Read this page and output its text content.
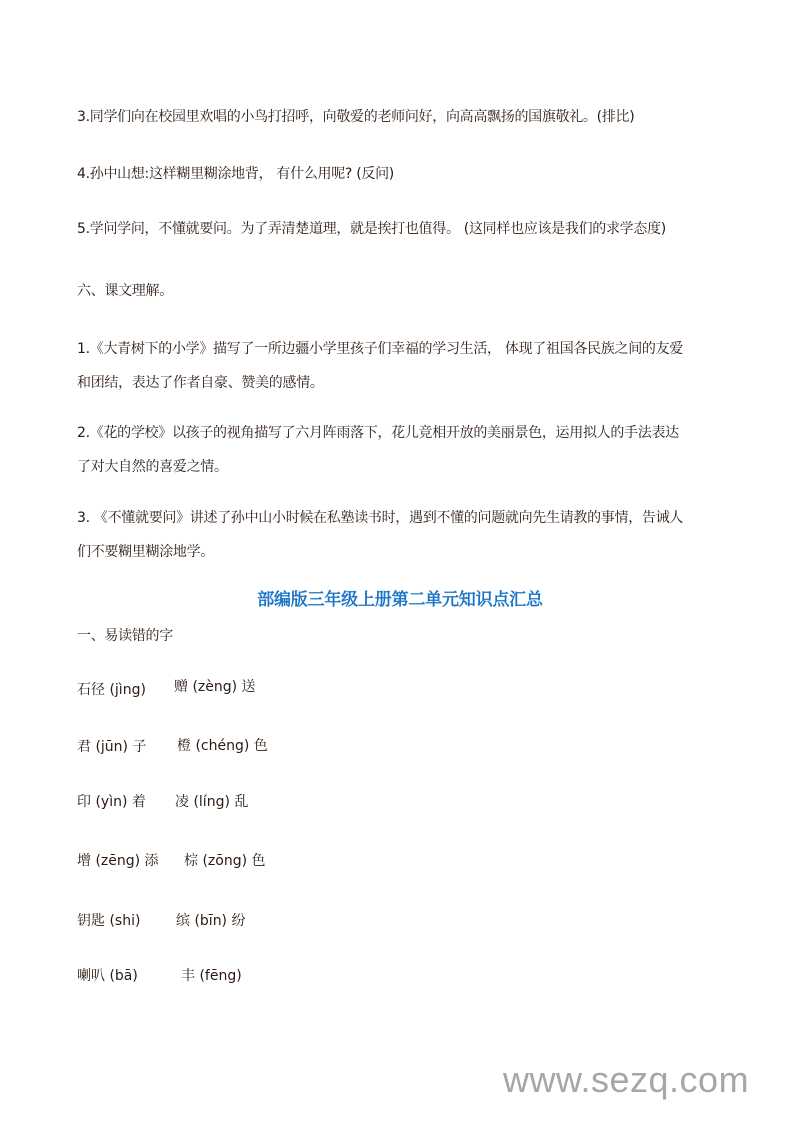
3.同学们向在校园里欢唱的小鸟打招呼，向敬爱的老师问好，向高高飘扬的国旗敬礼。(排比)
4.孙中山想:这样糊里糊涂地背， 有什么用呢? (反问)
5.学问学问，不懂就要问。为了弄清楚道理，就是挨打也值得。 (这同样也应该是我们的求学态度)
六、课文理解。
1.《大青树下的小学》描写了一所边疆小学里孩子们幸福的学习生活， 体现了祖国各民族之间的友爱
和团结，表达了作者自豪、赞美的感情。
2.《花的学校》以孩子的视角描写了六月阵雨落下，花儿竞相开放的美丽景色，运用拟人的手法表达
了对大自然的喜爱之情。
3. 《不懂就要问》讲述了孙中山小时候在私塾读书时，遇到不懂的问题就向先生请教的事情，告诫人
们不要糊里糊涂地学。
部编版三年级上册第二单元知识点汇总
一、易读错的字
石径 (jìng) 赠 (zèng) 送
君 (jūn) 子 橙 (chéng) 色
印 (yìn) 着 凌 (líng) 乱
增 (zēng) 添 棕 (zōng) 色
钥匙 (shi)	缤 (bīn) 纷
喇叭 (bā)	丰 (fēng)
www.sezq.com
